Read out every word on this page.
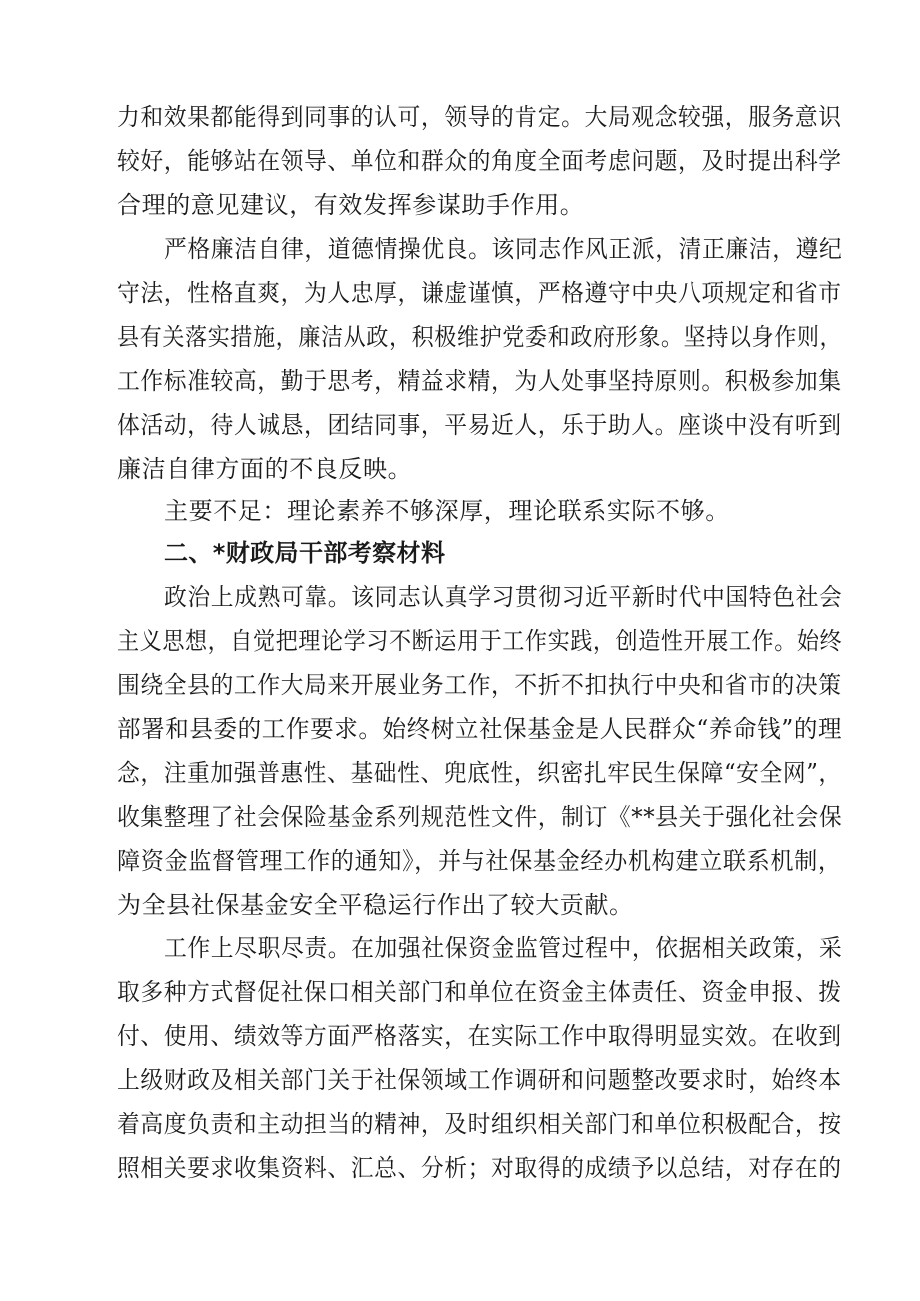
力和效果都能得到同事的认可，领导的肯定。大局观念较强，服务意识
较好，能够站在领导、单位和群众的角度全面考虑问题，及时提出科学
合理的意见建议，有效发挥参谋助手作用。
严格廉洁自律，道德情操优良。该同志作风正派，清正廉洁，遵纪
守法，性格直爽，为人忠厚，谦虚谨慎，严格遵守中央八项规定和省市
县有关落实措施，廉洁从政，积极维护党委和政府形象。坚持以身作则，
工作标准较高，勤于思考，精益求精，为人处事坚持原则。积极参加集
体活动，待人诚恳，团结同事，平易近人，乐于助人。座谈中没有听到
廉洁自律方面的不良反映。
主要不足：理论素养不够深厚，理论联系实际不够。
二、*财政局干部考察材料
政治上成熟可靠。该同志认真学习贯彻习近平新时代中国特色社会
主义思想，自觉把理论学习不断运用于工作实践，创造性开展工作。始终
围绕全县的工作大局来开展业务工作，不折不扣执行中央和省市的决策
部署和县委的工作要求。始终树立社保基金是人民群众“养命钱”的理
念，注重加强普惠性、基础性、兜底性，织密扎牢民生保障“安全网”，
收集整理了社会保险基金系列规范性文件，制订《**县关于强化社会保
障资金监督管理工作的通知》，并与社保基金经办机构建立联系机制，
为全县社保基金安全平稳运行作出了较大贡献。
工作上尽职尽责。在加强社保资金监管过程中，依据相关政策，采
取多种方式督促社保口相关部门和单位在资金主体责任、资金申报、拨
付、使用、绩效等方面严格落实，在实际工作中取得明显实效。在收到
上级财政及相关部门关于社保领域工作调研和问题整改要求时，始终本
着高度负责和主动担当的精神，及时组织相关部门和单位积极配合，按
照相关要求收集资料、汇总、分析；对取得的成绩予以总结，对存在的
